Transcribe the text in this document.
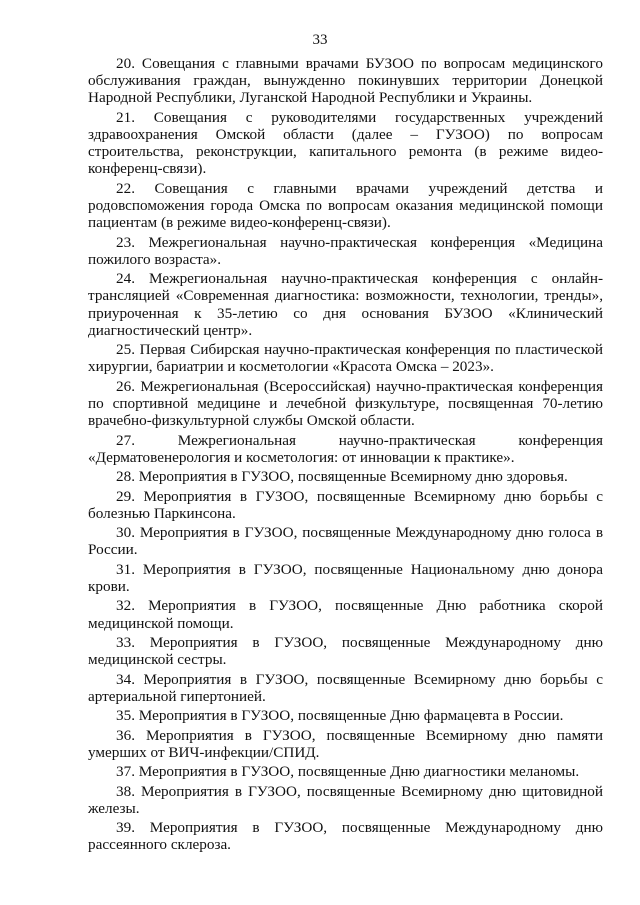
33

20. Совещания с главными врачами БУЗОО по вопросам медицинского обслуживания граждан, вынужденно покинувших территории Донецкой Народной Республики, Луганской Народной Республики и Украины.

21. Совещания с руководителями государственных учреждений здравоохранения Омской области (далее – ГУЗОО) по вопросам строительства, реконструкции, капитального ремонта (в режиме видео-конференц-связи).

22. Совещания с главными врачами учреждений детства и родовспоможения города Омска по вопросам оказания медицинской помощи пациентам (в режиме видео-конференц-связи).

23. Межрегиональная научно-практическая конференция «Медицина пожилого возраста».

24. Межрегиональная научно-практическая конференция с онлайн-трансляцией «Современная диагностика: возможности, технологии, тренды», приуроченная к 35-летию со дня основания БУЗОО «Клинический диагностический центр».

25. Первая Сибирская научно-практическая конференция по пластической хирургии, бариатрии и косметологии «Красота Омска – 2023».

26. Межрегиональная (Всероссийская) научно-практическая конференция по спортивной медицине и лечебной физкультуре, посвященная 70-летию врачебно-физкультурной службы Омской области.

27. Межрегиональная научно-практическая конференция «Дерматовенерология и косметология: от инновации к практике».

28. Мероприятия в ГУЗОО, посвященные Всемирному дню здоровья.

29. Мероприятия в ГУЗОО, посвященные Всемирному дню борьбы с болезнью Паркинсона.

30. Мероприятия в ГУЗОО, посвященные Международному дню голоса в России.

31. Мероприятия в ГУЗОО, посвященные Национальному дню донора крови.

32. Мероприятия в ГУЗОО, посвященные Дню работника скорой медицинской помощи.

33. Мероприятия в ГУЗОО, посвященные Международному дню медицинской сестры.

34. Мероприятия в ГУЗОО, посвященные Всемирному дню борьбы с артериальной гипертонией.

35. Мероприятия в ГУЗОО, посвященные Дню фармацевта в России.

36. Мероприятия в ГУЗОО, посвященные Всемирному дню памяти умерших от ВИЧ-инфекции/СПИД.

37. Мероприятия в ГУЗОО, посвященные Дню диагностики меланомы.

38. Мероприятия в ГУЗОО, посвященные Всемирному дню щитовидной железы.

39. Мероприятия в ГУЗОО, посвященные Международному дню рассеянного склероза.
